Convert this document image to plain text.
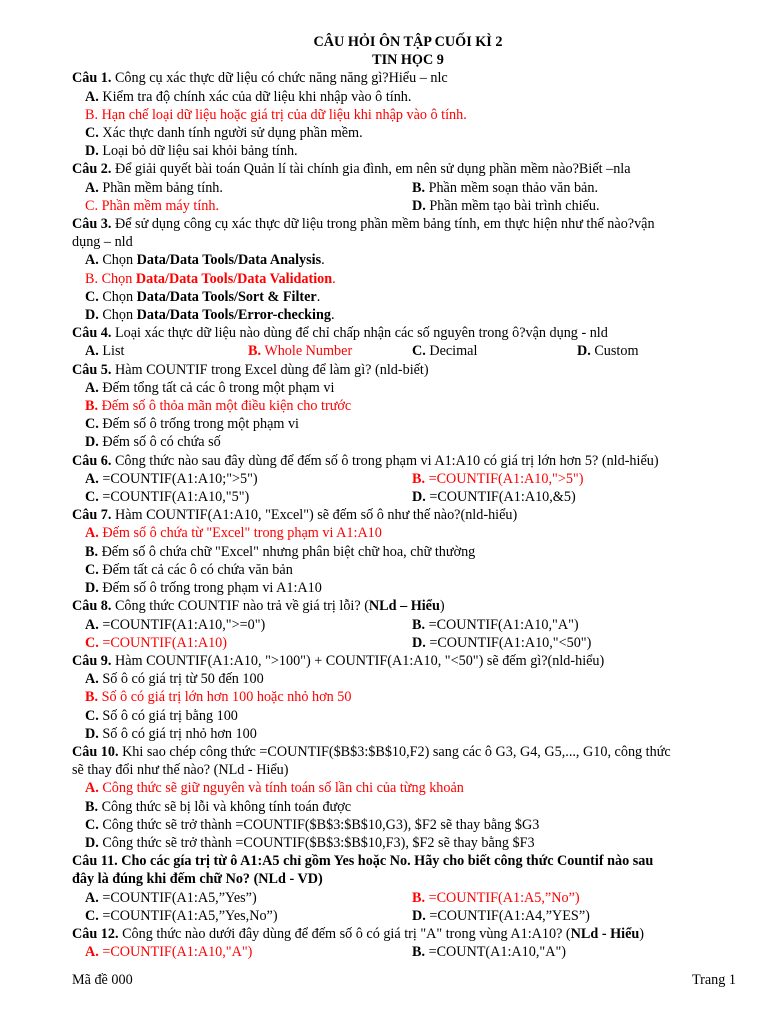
CÂU HỎI ÔN TẬP CUỐI KÌ 2
TIN HỌC 9
Câu 1. Công cụ xác thực dữ liệu có chức năng năng gì?Hiểu – nlc
A. Kiểm tra độ chính xác của dữ liệu khi nhập vào ô tính.
B. Hạn chế loại dữ liệu hoặc giá trị của dữ liệu khi nhập vào ô tính.
C. Xác thực danh tính người sử dụng phần mềm.
D. Loại bỏ dữ liệu sai khỏi bảng tính.
Câu 2. Để giải quyết bài toán Quản lí tài chính gia đình, em nên sử dụng phần mềm nào?Biết –nla
A. Phần mềm bảng tính.	B. Phần mềm soạn thảo văn bản.
C. Phần mềm máy tính.	D. Phần mềm tạo bài trình chiếu.
Câu 3. Để sử dụng công cụ xác thực dữ liệu trong phần mềm bảng tính, em thực hiện như thế nào?vận
dụng – nld
A. Chọn Data/Data Tools/Data Analysis.
B. Chọn Data/Data Tools/Data Validation.
C. Chọn Data/Data Tools/Sort & Filter.
D. Chọn Data/Data Tools/Error-checking.
Câu 4. Loại xác thực dữ liệu nào dùng để chỉ chấp nhận các số nguyên trong ô?vận dụng - nld
A. List	B. Whole Number	C. Decimal	D. Custom
Câu 5. Hàm COUNTIF trong Excel dùng để làm gì? (nld-biết)
A. Đếm tổng tất cả các ô trong một phạm vi
B. Đếm số ô thỏa mãn một điều kiện cho trước
C. Đếm số ô trống trong một phạm vi
D. Đếm số ô có chứa số
Câu 6. Công thức nào sau đây dùng để đếm số ô trong phạm vi A1:A10 có giá trị lớn hơn 5? (nld-hiểu)
A. =COUNTIF(A1:A10;">5")	B. =COUNTIF(A1:A10,">5")
C. =COUNTIF(A1:A10,"5")	D. =COUNTIF(A1:A10,&5)
Câu 7. Hàm COUNTIF(A1:A10, "Excel") sẽ đếm số ô như thế nào?(nld-hiểu)
A. Đếm số ô chứa từ "Excel" trong phạm vi A1:A10
B. Đếm số ô chứa chữ "Excel" nhưng phân biệt chữ hoa, chữ thường
C. Đếm tất cả các ô có chứa văn bản
D. Đếm số ô trống trong phạm vi A1:A10
Câu 8. Công thức COUNTIF nào trả về giá trị lỗi? (NLd – Hiểu)
A. =COUNTIF(A1:A10,">=0")	B. =COUNTIF(A1:A10,"A")
C. =COUNTIF(A1:A10)	D. =COUNTIF(A1:A10,"<50")
Câu 9. Hàm COUNTIF(A1:A10, ">100") + COUNTIF(A1:A10, "<50") sẽ đếm gì?(nld-hiểu)
A. Số ô có giá trị từ 50 đến 100
B. Số ô có giá trị lớn hơn 100 hoặc nhỏ hơn 50
C. Số ô có giá trị bằng 100
D. Số ô có giá trị nhỏ hơn 100
Câu 10. Khi sao chép công thức =COUNTIF($B$3:$B$10,F2) sang các ô G3, G4, G5,..., G10, công thức
sẽ thay đổi như thế nào? (NLd - Hiểu)
A. Công thức sẽ giữ nguyên và tính toán số lần chi của từng khoản
B. Công thức sẽ bị lỗi và không tính toán được
C. Công thức sẽ trở thành =COUNTIF($B$3:$B$10,G3), $F2 sẽ thay bằng $G3
D. Công thức sẽ trở thành =COUNTIF($B$3:$B$10,F3), $F2 sẽ thay bằng $F3
Câu 11. Cho các gía trị từ ô A1:A5 chỉ gồm Yes hoặc No. Hãy cho biết công thức Countif nào sau
đây là đúng khi đếm chữ No? (NLd - VD)
A. =COUNTIF(A1:A5,”Yes”)	B. =COUNTIF(A1:A5,”No”)
C. =COUNTIF(A1:A5,”Yes,No”)	D. =COUNTIF(A1:A4,”YES”)
Câu 12. Công thức nào dưới đây dùng để đếm số ô có giá trị "A" trong vùng A1:A10? (NLd - Hiểu)
A. =COUNTIF(A1:A10,"A")	B. =COUNT(A1:A10,"A")
Mã đề 000	Trang 1
